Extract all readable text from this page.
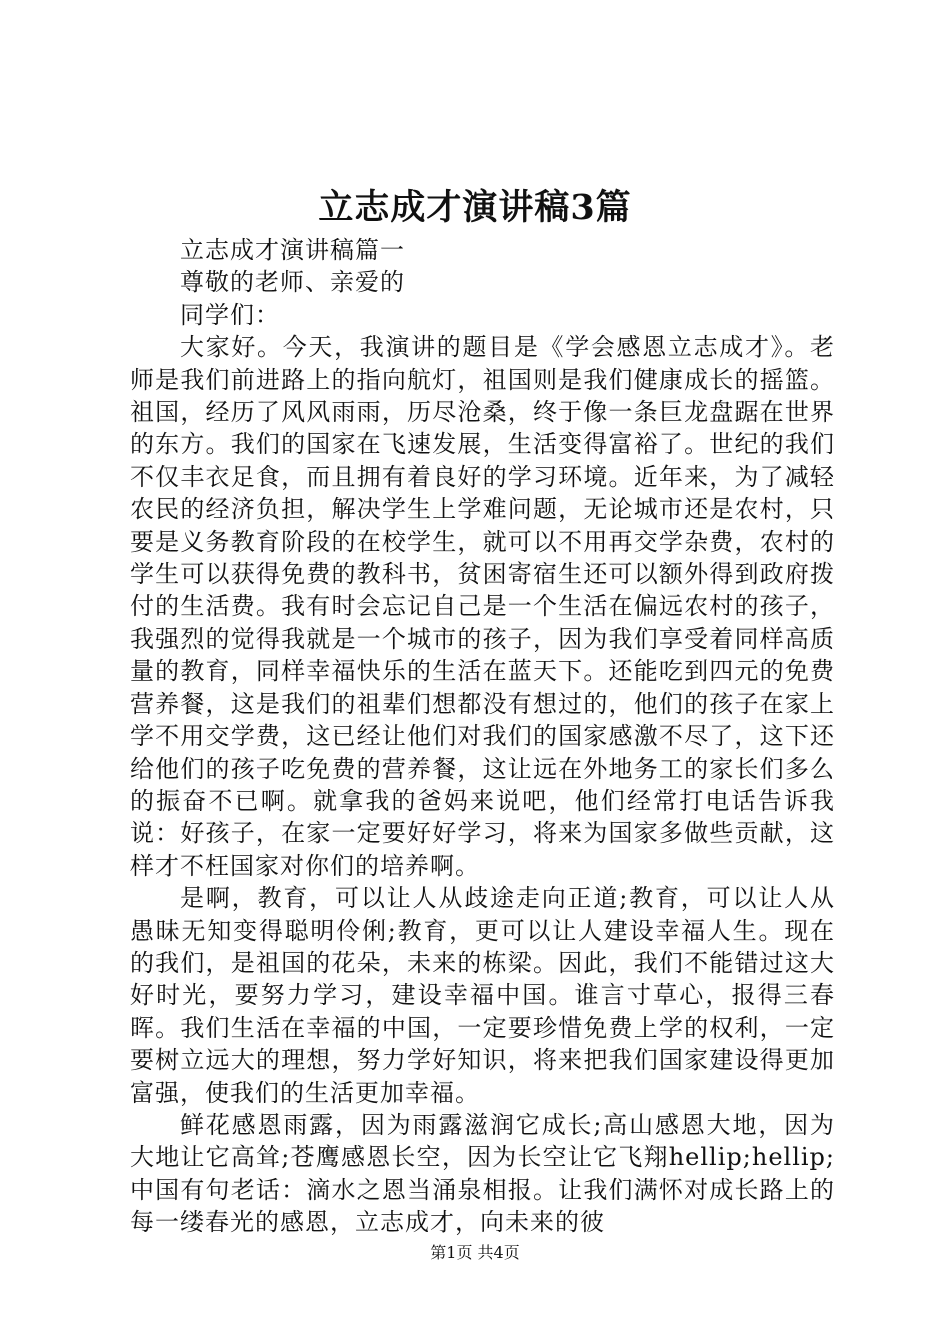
立志成才演讲稿3篇

立志成才演讲稿篇一

尊敬的老师、亲爱的

同学们：

大家好。今天，我演讲的题目是《学会感恩立志成才》。老师是我们前进路上的指向航灯，祖国则是我们健康成长的摇篮。祖国，经历了风风雨雨，历尽沧桑，终于像一条巨龙盘踞在世界的东方。我们的国家在飞速发展，生活变得富裕了。世纪的我们不仅丰衣足食，而且拥有着良好的学习环境。近年来，为了减轻农民的经济负担，解决学生上学难问题，无论城市还是农村，只要是义务教育阶段的在校学生，就可以不用再交学杂费，农村的学生可以获得免费的教科书，贫困寄宿生还可以额外得到政府拨付的生活费。我有时会忘记自己是一个生活在偏远农村的孩子，我强烈的觉得我就是一个城市的孩子，因为我们享受着同样高质量的教育，同样幸福快乐的生活在蓝天下。还能吃到四元的免费营养餐，这是我们的祖辈们想都没有想过的，他们的孩子在家上学不用交学费，这已经让他们对我们的国家感激不尽了，这下还给他们的孩子吃免费的营养餐，这让远在外地务工的家长们多么的振奋不已啊。就拿我的爸妈来说吧，他们经常打电话告诉我说：好孩子，在家一定要好好学习，将来为国家多做些贡献，这样才不枉国家对你们的培养啊。

是啊，教育，可以让人从歧途走向正道;教育，可以让人从愚昧无知变得聪明伶俐;教育，更可以让人建设幸福人生。现在的我们，是祖国的花朵，未来的栋梁。因此，我们不能错过这大好时光，要努力学习，建设幸福中国。谁言寸草心，报得三春晖。我们生活在幸福的中国，一定要珍惜免费上学的权利，一定要树立远大的理想，努力学好知识，将来把我们国家建设得更加富强，使我们的生活更加幸福。

鲜花感恩雨露，因为雨露滋润它成长;高山感恩大地，因为大地让它高耸;苍鹰感恩长空，因为长空让它飞翔hellip;hellip;中国有句老话：滴水之恩当涌泉相报。让我们满怀对成长路上的每一缕春光的感恩，立志成才，向未来的彼

第1页 共4页
